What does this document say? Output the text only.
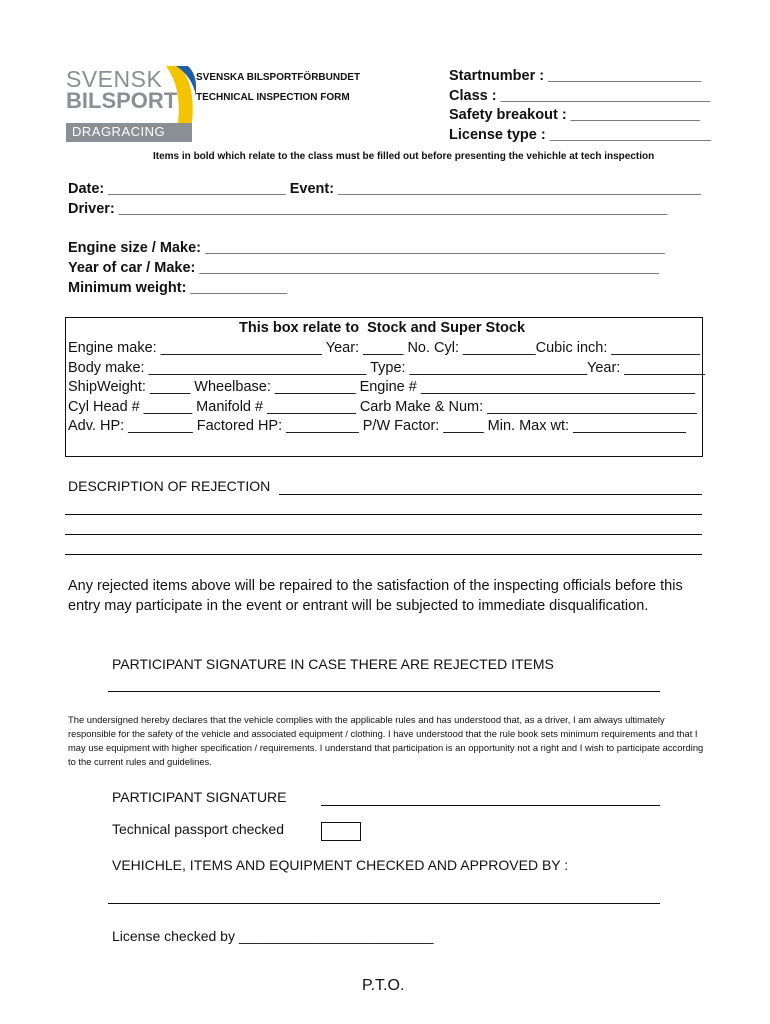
SVENSK
BILSPORT
DRAGRACING
SVENSKA BILSPORTFÖRBUNDET
TECHNICAL INSPECTION FORM
Startnumber : ___________________
Class : __________________________
Safety breakout : ________________
License type : ____________________
Items in bold which relate to the class must be filled out before presenting the vehichle at tech inspection
Date: ______________________ Event: _____________________________________________
Driver: ____________________________________________________________________
Engine size / Make: _________________________________________________________
Year of car / Make: _________________________________________________________
Minimum weight: ____________
This box relate to  Stock and Super Stock
Engine make: ____________________ Year: _____ No. Cyl: _________Cubic inch: ___________
Body make: ___________________________ Type: ______________________Year: __________
ShipWeight: _____ Wheelbase: __________ Engine # __________________________________
Cyl Head # ______ Manifold # ___________ Carb Make & Num: __________________________
Adv. HP: ________ Factored HP: _________ P/W Factor: _____ Min. Max wt: ______________
DESCRIPTION OF REJECTION
Any rejected items above will be repaired to the satisfaction of the inspecting officials before this entry may participate in the event or entrant will be subjected to immediate disqualification.
PARTICIPANT SIGNATURE IN CASE THERE ARE REJECTED ITEMS
The undersigned hereby declares that the vehicle complies with the applicable rules and has understood that, as a driver, I am always ultimately responsible for the safety of the vehicle and associated equipment / clothing. I have understood that the rule book sets minimum requirements and that I may use equipment with higher specification / requirements. I understand that participation is an opportunity not a right and I wish to participate according to the current rules and guidelines.
PARTICIPANT SIGNATURE
Technical passport checked
VEHICHLE, ITEMS AND EQUIPMENT CHECKED AND APPROVED BY :
License checked by _________________________
P.T.O.
